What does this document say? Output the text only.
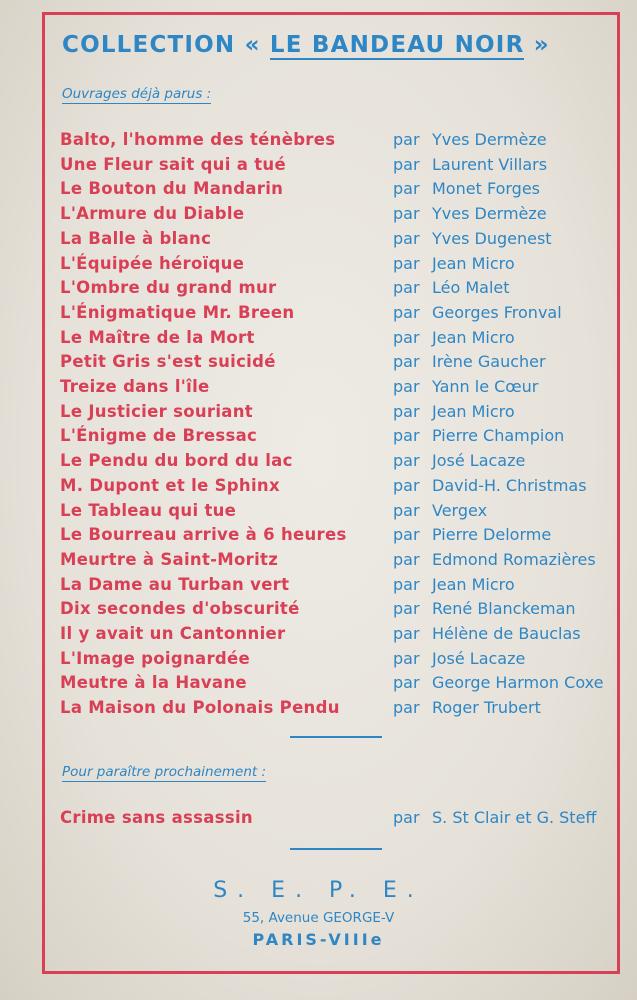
COLLECTION « LE BANDEAU NOIR »
Ouvrages déjà parus :
Balto, l'homme des ténèbres	par Yves Dermèze
Une Fleur sait qui a tué	par Laurent Villars
Le Bouton du Mandarin	par Monet Forges
L'Armure du Diable	par Yves Dermèze
La Balle à blanc	par Yves Dugenest
L'Équipée héroïque	par Jean Micro
L'Ombre du grand mur	par Léo Malet
L'Énigmatique Mr. Breen	par Georges Fronval
Le Maître de la Mort	par Jean Micro
Petit Gris s'est suicidé	par Irène Gaucher
Treize dans l'île	par Yann le Cœur
Le Justicier souriant	par Jean Micro
L'Énigme de Bressac	par Pierre Champion
Le Pendu du bord du lac	par José Lacaze
M. Dupont et le Sphinx	par David-H. Christmas
Le Tableau qui tue	par Vergex
Le Bourreau arrive à 6 heures	par Pierre Delorme
Meurtre à Saint-Moritz	par Edmond Romazières
La Dame au Turban vert	par Jean Micro
Dix secondes d'obscurité	par René Blanckeman
Il y avait un Cantonnier	par Hélène de Bauclas
L'Image poignardée	par José Lacaze
Meutre à la Havane	par George Harmon Coxe
La Maison du Polonais Pendu	par Roger Trubert
Pour paraître prochainement :
Crime sans assassin	par S. St Clair et G. Steff
S. E. P. E.
55, Avenue GEORGE-V
PARIS-VIIIe
